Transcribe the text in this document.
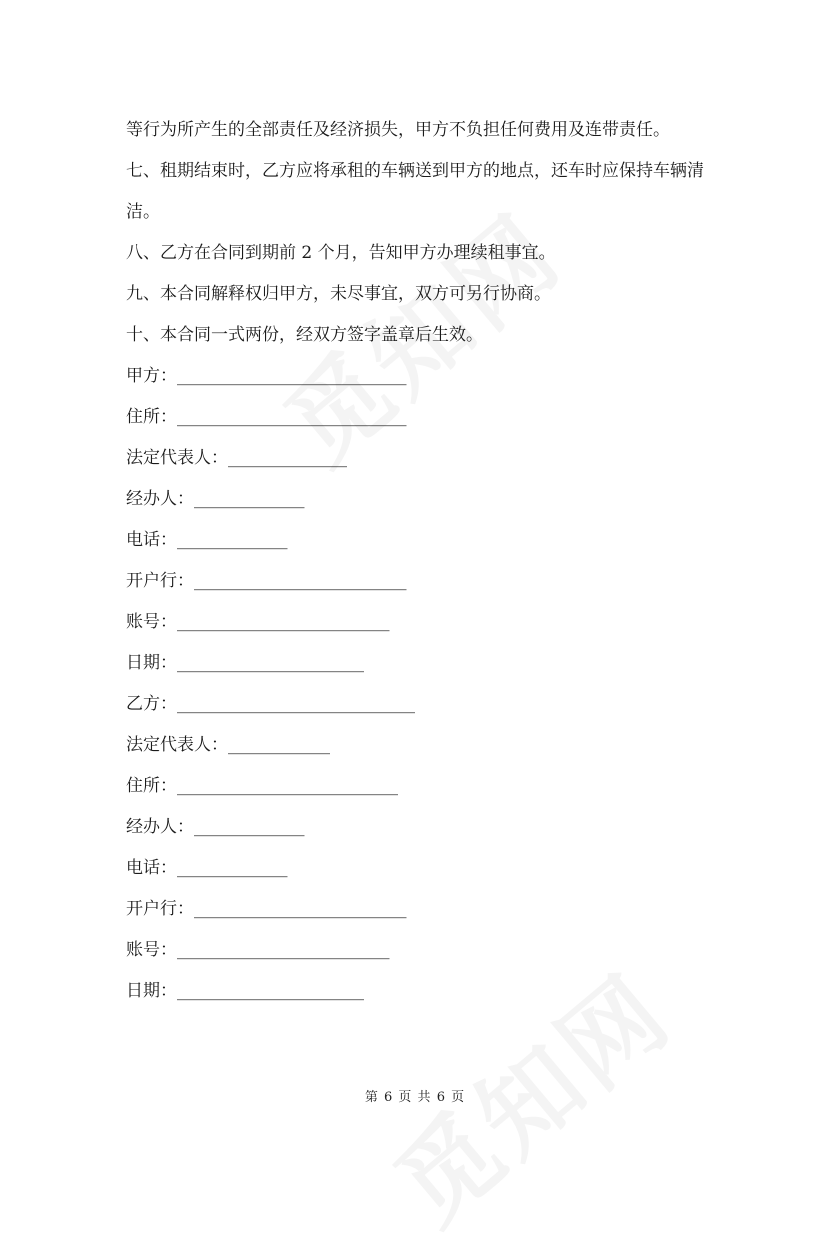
等行为所产生的全部责任及经济损失，甲方不负担任何费用及连带责任。
七、租期结束时，乙方应将承租的车辆送到甲方的地点，还车时应保持车辆清
洁。
八、乙方在合同到期前 2 个月，告知甲方办理续租事宜。
九、本合同解释权归甲方，未尽事宜，双方可另行协商。
十、本合同一式两份，经双方签字盖章后生效。
甲方：___________________________
住所：___________________________
法定代表人：______________
经办人：_____________
电话：_____________
开户行：_________________________
账号：_________________________
日期：______________________
乙方：____________________________
法定代表人：____________
住所：__________________________
经办人：_____________
电话：_____________
开户行：_________________________
账号：_________________________
日期：______________________
第 6 页 共 6 页
